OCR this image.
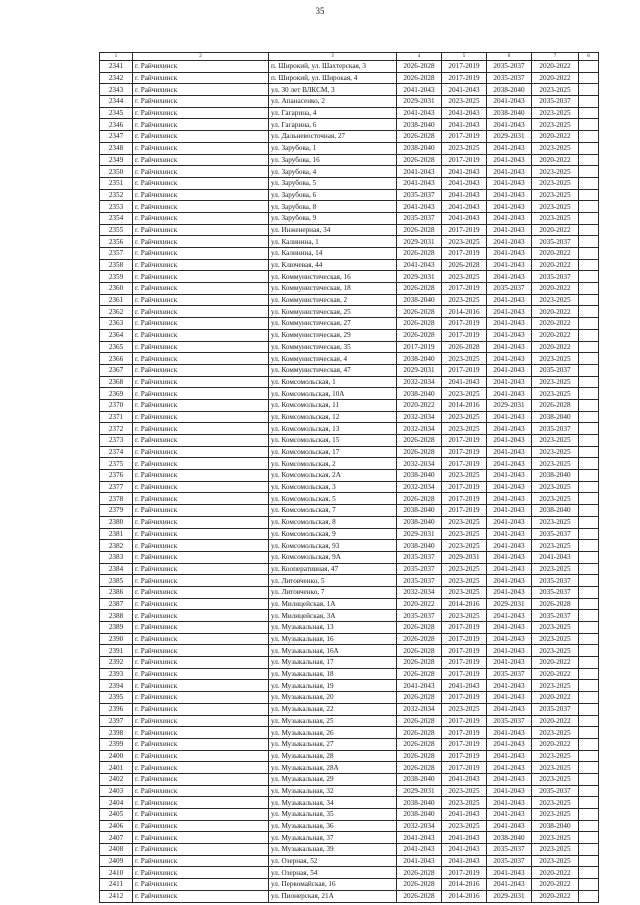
35
1	2	3	4	5	6	7	8
2341	г. Райчихинск	п. Широкий, ул. Шахтерская, 3	2026-2028	2017-2019	2035-2037	2020-2022	
2342	г. Райчихинск	п. Широкий, ул. Широкая, 4	2026-2028	2017-2019	2035-2037	2020-2022	
2343	г. Райчихинск	ул. 30 лет ВЛКСМ, 3	2041-2043	2041-2043	2038-2040	2023-2025	
2344	г. Райчихинск	ул. Апанасенко, 2	2029-2031	2023-2025	2041-2043	2035-2037	
2345	г. Райчихинск	ул. Гагарина, 4	2041-2043	2041-2043	2038-2040	2023-2025	
2346	г. Райчихинск	ул. Гагарина, 6	2038-2040	2041-2043	2041-2043	2023-2025	
2347	г. Райчихинск	ул. Дальневосточная, 27	2026-2028	2017-2019	2029-2031	2020-2022	
2348	г. Райчихинск	ул. Зарубова, 1	2038-2040	2023-2025	2041-2043	2023-2025	
2349	г. Райчихинск	ул. Зарубова, 16	2026-2028	2017-2019	2041-2043	2020-2022	
2350	г. Райчихинск	ул. Зарубова, 4	2041-2043	2041-2043	2041-2043	2023-2025	
2351	г. Райчихинск	ул. Зарубова, 5	2041-2043	2041-2043	2041-2043	2023-2025	
2352	г. Райчихинск	ул. Зарубова, 6	2035-2037	2041-2043	2041-2043	2023-2025	
2353	г. Райчихинск	ул. Зарубова, 8	2041-2043	2041-2043	2041-2043	2023-2025	
2354	г. Райчихинск	ул. Зарубова, 9	2035-2037	2041-2043	2041-2043	2023-2025	
2355	г. Райчихинск	ул. Инженерная, 34	2026-2028	2017-2019	2041-2043	2020-2022	
2356	г. Райчихинск	ул. Калинина, 1	2029-2031	2023-2025	2041-2043	2035-2037	
2357	г. Райчихинск	ул. Калинина, 14	2026-2028	2017-2019	2041-2043	2020-2022	
2358	г. Райчихинск	ул. Ключевая, 44	2041-2043	2026-2028	2041-2043	2020-2022	
2359	г. Райчихинск	ул. Коммунистическая, 16	2029-2031	2023-2025	2041-2043	2035-2037	
2360	г. Райчихинск	ул. Коммунистическая, 18	2026-2028	2017-2019	2035-2037	2020-2022	
2361	г. Райчихинск	ул. Коммунистическая, 2	2038-2040	2023-2025	2041-2043	2023-2025	
2362	г. Райчихинск	ул. Коммунистическая, 25	2026-2028	2014-2016	2041-2043	2020-2022	
2363	г. Райчихинск	ул. Коммунистическая, 27	2026-2028	2017-2019	2041-2043	2020-2022	
2364	г. Райчихинск	ул. Коммунистическая, 29	2026-2028	2017-2019	2041-2043	2020-2022	
2365	г. Райчихинск	ул. Коммунистическая, 35	2017-2019	2026-2028	2041-2043	2020-2022	
2366	г. Райчихинск	ул. Коммунистическая, 4	2038-2040	2023-2025	2041-2043	2023-2025	
2367	г. Райчихинск	ул. Коммунистическая, 47	2029-2031	2017-2019	2041-2043	2035-2037	
2368	г. Райчихинск	ул. Комсомольская, 1	2032-2034	2041-2043	2041-2043	2023-2025	
2369	г. Райчихинск	ул. Комсомольская, 10А	2038-2040	2023-2025	2041-2043	2023-2025	
2370	г. Райчихинск	ул. Комсомольская, 11	2020-2022	2014-2016	2029-2031	2026-2028	
2371	г. Райчихинск	ул. Комсомольская, 12	2032-2034	2023-2025	2041-2043	2038-2040	
2372	г. Райчихинск	ул. Комсомольская, 13	2032-2034	2023-2025	2041-2043	2035-2037	
2373	г. Райчихинск	ул. Комсомольская, 15	2026-2028	2017-2019	2041-2043	2023-2025	
2374	г. Райчихинск	ул. Комсомольская, 17	2026-2028	2017-2019	2041-2043	2023-2025	
2375	г. Райчихинск	ул. Комсомольская, 2	2032-2034	2017-2019	2041-2043	2023-2025	
2376	г. Райчихинск	ул. Комсомольская, 2А	2038-2040	2023-2025	2041-2043	2038-2040	
2377	г. Райчихинск	ул. Комсомольская, 3	2032-2034	2017-2019	2041-2043	2023-2025	
2378	г. Райчихинск	ул. Комсомольская, 5	2026-2028	2017-2019	2041-2043	2023-2025	
2379	г. Райчихинск	ул. Комсомольская, 7	2038-2040	2017-2019	2041-2043	2038-2040	
2380	г. Райчихинск	ул. Комсомольская, 8	2038-2040	2023-2025	2041-2043	2023-2025	
2381	г. Райчихинск	ул. Комсомольская, 9	2029-2031	2023-2025	2041-2043	2035-2037	
2382	г. Райчихинск	ул. Комсомольская, 93	2038-2040	2023-2025	2041-2043	2023-2025	
2383	г. Райчихинск	ул. Комсомольская, 9А	2035-2037	2029-2031	2041-2043	2041-2043	
2384	г. Райчихинск	ул. Кооперативная, 47	2035-2037	2023-2025	2041-2043	2023-2025	
2385	г. Райчихинск	ул. Литовченко, 5	2035-2037	2023-2025	2041-2043	2035-2037	
2386	г. Райчихинск	ул. Литовченко, 7	2032-2034	2023-2025	2041-2043	2035-2037	
2387	г. Райчихинск	ул. Милицейская, 1А	2020-2022	2014-2016	2029-2031	2026-2028	
2388	г. Райчихинск	ул. Милицейская, 3А	2035-2037	2023-2025	2041-2043	2035-2037	
2389	г. Райчихинск	ул. Музыкальная, 13	2026-2028	2017-2019	2041-2043	2023-2025	
2390	г. Райчихинск	ул. Музыкальная, 16	2026-2028	2017-2019	2041-2043	2023-2025	
2391	г. Райчихинск	ул. Музыкальная, 16А	2026-2028	2017-2019	2041-2043	2023-2025	
2392	г. Райчихинск	ул. Музыкальная, 17	2026-2028	2017-2019	2041-2043	2020-2022	
2393	г. Райчихинск	ул. Музыкальная, 18	2026-2028	2017-2019	2035-2037	2020-2022	
2394	г. Райчихинск	ул. Музыкальная, 19	2041-2043	2041-2043	2041-2043	2023-2025	
2395	г. Райчихинск	ул. Музыкальная, 20	2026-2028	2017-2019	2041-2043	2020-2022	
2396	г. Райчихинск	ул. Музыкальная, 22	2032-2034	2023-2025	2041-2043	2035-2037	
2397	г. Райчихинск	ул. Музыкальная, 25	2026-2028	2017-2019	2035-2037	2020-2022	
2398	г. Райчихинск	ул. Музыкальная, 26	2026-2028	2017-2019	2041-2043	2023-2025	
2399	г. Райчихинск	ул. Музыкальная, 27	2026-2028	2017-2019	2041-2043	2020-2022	
2400	г. Райчихинск	ул. Музыкальная, 28	2026-2028	2017-2019	2041-2043	2023-2025	
2401	г. Райчихинск	ул. Музыкальная, 28А	2026-2028	2017-2019	2041-2043	2023-2025	
2402	г. Райчихинск	ул. Музыкальная, 29	2038-2040	2041-2043	2041-2043	2023-2025	
2403	г. Райчихинск	ул. Музыкальная, 32	2029-2031	2023-2025	2041-2043	2035-2037	
2404	г. Райчихинск	ул. Музыкальная, 34	2038-2040	2023-2025	2041-2043	2023-2025	
2405	г. Райчихинск	ул. Музыкальная, 35	2038-2040	2041-2043	2041-2043	2023-2025	
2406	г. Райчихинск	ул. Музыкальная, 36	2032-2034	2023-2025	2041-2043	2038-2040	
2407	г. Райчихинск	ул. Музыкальная, 37	2041-2043	2041-2043	2038-2040	2023-2025	
2408	г. Райчихинск	ул. Музыкальная, 39	2041-2043	2041-2043	2035-2037	2023-2025	
2409	г. Райчихинск	ул. Озерная, 52	2041-2043	2041-2043	2035-2037	2023-2025	
2410	г. Райчихинск	ул. Озерная, 54	2026-2028	2017-2019	2041-2043	2020-2022	
2411	г. Райчихинск	ул. Первомайская, 16	2026-2028	2014-2016	2041-2043	2020-2022	
2412	г. Райчихинск	ул. Пионерская, 21А	2026-2028	2014-2016	2029-2031	2020-2022	
